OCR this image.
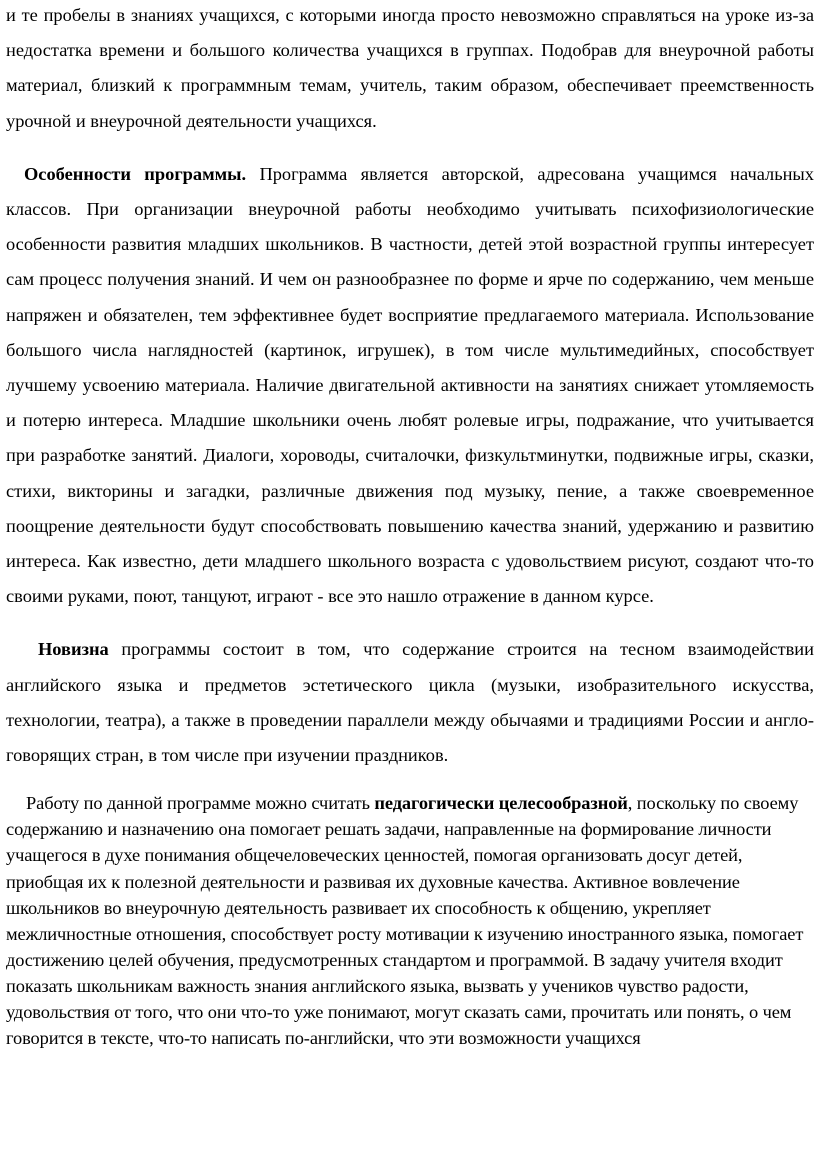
и те пробелы в знаниях учащихся, с которыми иногда просто невозможно справляться на уроке из-за недостатка времени и большого количества учащихся в группах. Подобрав для внеурочной работы материал, близкий к программным темам, учитель, таким образом, обеспечивает преемственность урочной и внеурочной деятельности учащихся.

Особенности программы. Программа является авторской, адресована учащимся начальных классов. При организации внеурочной работы необходимо учитывать психофизиологические особенности развития младших школьников. В частности, детей этой возрастной группы интересует сам процесс получения знаний. И чем он разнообразнее по форме и ярче по содержанию, чем меньше напряжен и обязателен, тем эффективнее будет восприятие предлагаемого материала. Использование большого числа наглядностей (картинок, игрушек), в том числе мультимедийных, способствует лучшему усвоению материала. Наличие двигательной активности на занятиях снижает утомляемость и потерю интереса. Младшие школьники очень любят ролевые игры, подражание, что учитывается при разработке занятий. Диалоги, хороводы, считалочки, физкультминутки, подвижные игры, сказки, стихи, викторины и загадки, различные движения под музыку, пение, а также своевременное поощрение деятельности будут способствовать повышению качества знаний, удержанию и развитию интереса. Как известно, дети младшего школьного возраста с удовольствием рисуют, создают что-то своими руками, поют, танцуют, играют - все это нашло отражение в данном курсе.

Новизна программы состоит в том, что содержание строится на тесном взаимодействии английского языка и предметов эстетического цикла (музыки, изобразительного искусства, технологии, театра), а также в проведении параллели между обычаями и традициями России и англо-говорящих стран, в том числе при изучении праздников.

Работу по данной программе можно считать педагогически целесообразной, поскольку по своему содержанию и назначению она помогает решать задачи, направленные на формирование личности учащегося в духе понимания общечеловеческих ценностей, помогая организовать досуг детей, приобщая их к полезной деятельности и развивая их духовные качества. Активное вовлечение школьников во внеурочную деятельность развивает их способность к общению, укрепляет межличностные отношения, способствует росту мотивации к изучению иностранного языка, помогает достижению целей обучения, предусмотренных стандартом и программой. В задачу учителя входит показать школьникам важность знания английского языка, вызвать у учеников чувство радости, удовольствия от того, что они что-то уже понимают, могут сказать сами, прочитать или понять, о чем говорится в тексте, что-то написать по-английски, что эти возможности учащихся
